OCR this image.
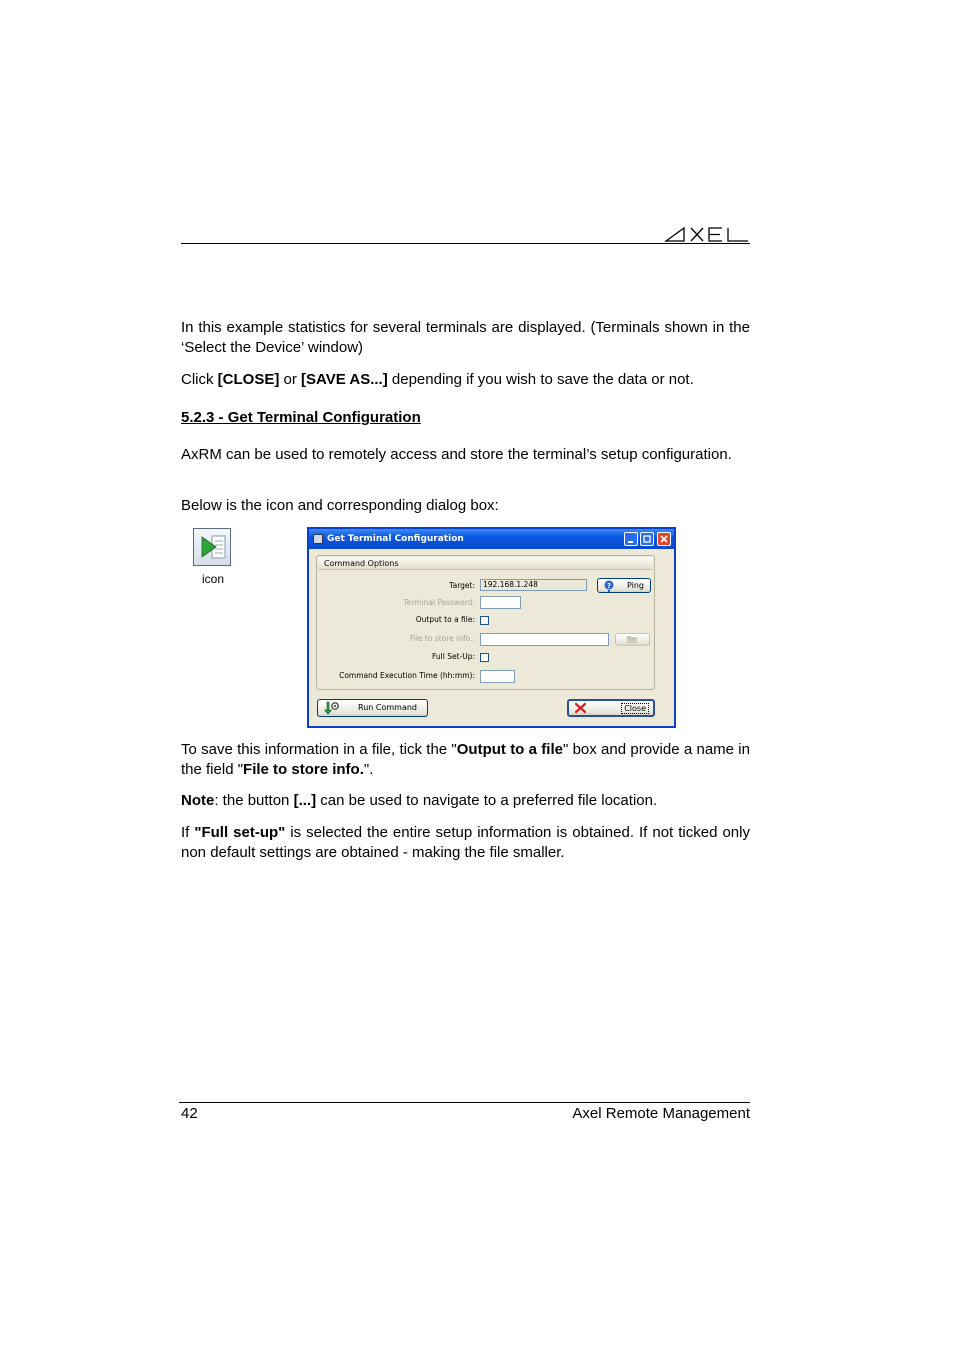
In this example statistics for several terminals are displayed. (Terminals shown in the ‘Select the Device’ window)
Click [CLOSE] or [SAVE AS...] depending if you wish to save the data or not.
5.2.3 - Get Terminal Configuration
AxRM can be used to remotely access and store the terminal’s setup configuration.
Below is the icon and corresponding dialog box:
icon
Get Terminal Configuration
Command Options
Target:	192.168.1.248	? Ping
Terminal Password:
Output to a file:
File to store info.:
Full Set-Up:
Command Execution Time (hh:mm):
Run Command	Close
To save this information in a file, tick the "Output to a file" box and provide a name in the field "File to store info.".
Note: the button [...] can be used to navigate to a preferred file location.
If "Full set-up" is selected the entire setup information is obtained. If not ticked only non default settings are obtained - making the file smaller.
42	Axel Remote Management
